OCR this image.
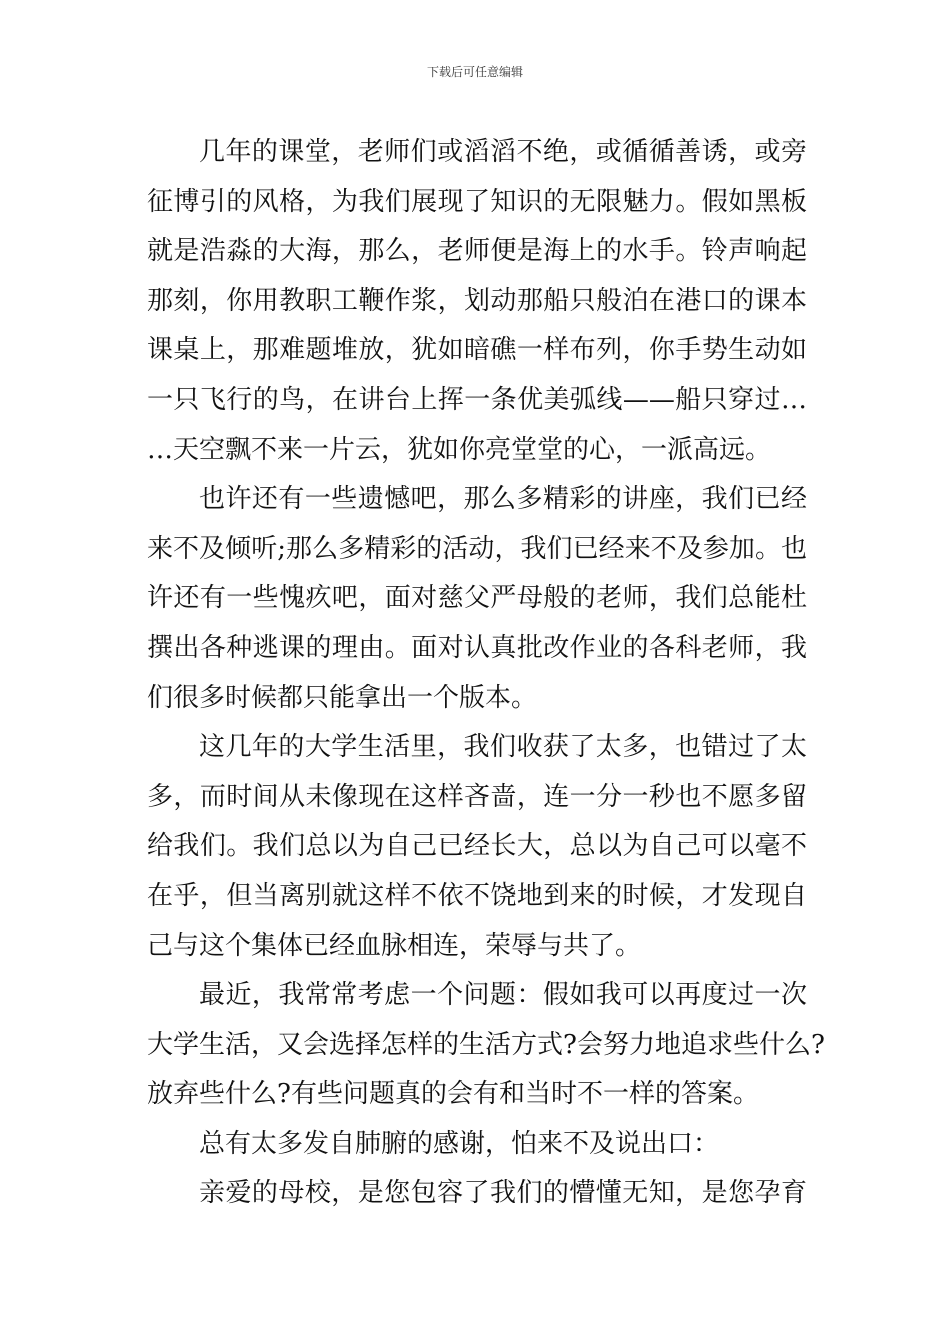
下载后可任意编辑

几年的课堂，老师们或滔滔不绝，或循循善诱，或旁
征博引的风格，为我们展现了知识的无限魅力。假如黑板
就是浩淼的大海，那么，老师便是海上的水手。铃声响起
那刻，你用教职工鞭作浆，划动那船只般泊在港口的课本
课桌上，那难题堆放，犹如暗礁一样布列，你手势生动如
一只飞行的鸟，在讲台上挥一条优美弧线——船只穿过…
…天空飘不来一片云，犹如你亮堂堂的心，一派高远。

也许还有一些遗憾吧，那么多精彩的讲座，我们已经
来不及倾听;那么多精彩的活动，我们已经来不及参加。也
许还有一些愧疚吧，面对慈父严母般的老师，我们总能杜
撰出各种逃课的理由。面对认真批改作业的各科老师，我
们很多时候都只能拿出一个版本。

这几年的大学生活里，我们收获了太多，也错过了太
多，而时间从未像现在这样吝啬，连一分一秒也不愿多留
给我们。我们总以为自己已经长大，总以为自己可以毫不
在乎，但当离别就这样不依不饶地到来的时候，才发现自
己与这个集体已经血脉相连，荣辱与共了。

最近，我常常考虑一个问题：假如我可以再度过一次
大学生活，又会选择怎样的生活方式?会努力地追求些什么?
放弃些什么?有些问题真的会有和当时不一样的答案。

总有太多发自肺腑的感谢，怕来不及说出口：

亲爱的母校，是您包容了我们的懵懂无知，是您孕育
